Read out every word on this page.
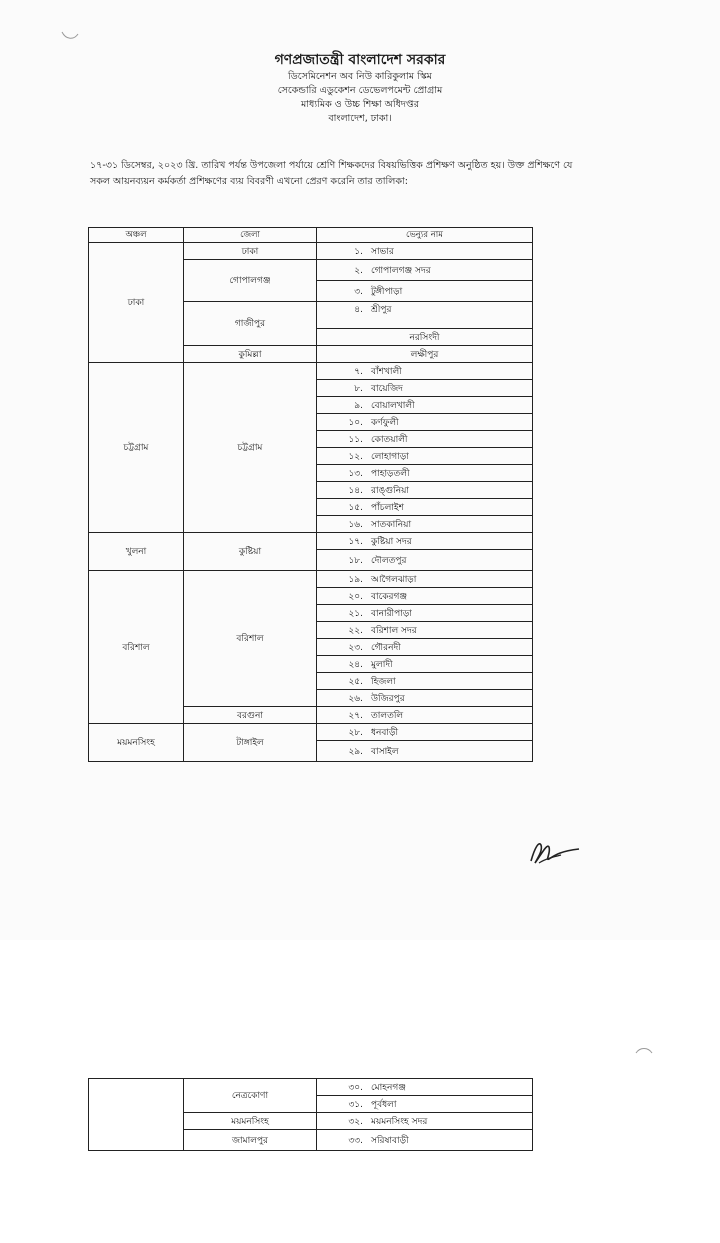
গণপ্রজাতন্ত্রী বাংলাদেশ সরকার
ডিসেমিনেশন অব নিউ কারিকুলাম স্কিম
সেকেন্ডারি এডুকেশন ডেভেলপমেন্ট প্রোগ্রাম
মাধ্যমিক ও উচ্চ শিক্ষা অধিদপ্তর
বাংলাদেশ, ঢাকা।
১৭-৩১ ডিসেম্বর, ২০২৩ খ্রি. তারিখ পর্যন্ত উপজেলা পর্যায়ে শ্রেণি শিক্ষকদের বিষয়ভিত্তিক প্রশিক্ষণ অনুষ্ঠিত হয়। উক্ত প্রশিক্ষণে যে
সকল আয়নব্যয়ন কর্মকর্তা প্রশিক্ষণের ব্যয় বিবরণী এখনো প্রেরণ করেনি তার তালিকা:
অঞ্চল	জেলা	ভেন্যুর নাম	
ঢাকা	ঢাকা	১. সাভার	
	গোপালগঞ্জ	২. গোপালগঞ্জ সদর	
		৩. টুঙ্গীপাড়া	
	গাজীপুর	৪. শ্রীপুর	
		নরসিংদী	
	কুমিল্লা	লক্ষীপুর	
চট্টগ্রাম	চট্টগ্রাম	৭. বাঁশখালী	
		৮. বায়েজিদ	
		৯. বোয়ালখালী	
		১০. কর্ণফুলী	
		১১. কোতয়ালী	
		১২. লোহাগাড়া	
		১৩. পাহাড়তলী	
		১৪. রাঙ্গুনিয়া	
		১৫. পাঁচলাইশ	
		১৬. সাতকানিয়া	
খুলনা	কুষ্টিয়া	১৭. কুষ্টিয়া সদর	
		১৮. দৌলতপুর	
বরিশাল	বরিশাল	১৯. আগৈলঝাড়া	
		২০. বাকেরগঞ্জ	
		২১. বানারীপাড়া	
		২২. বরিশাল সদর	
		২৩. গৌরনদী	
		২৪. মুলাদী	
		২৫. হিজলা	
		২৬. উজিরপুর	
	বরগুনা	২৭. তালতলি	
ময়মনসিংহ	টাঙ্গাইল	২৮. ধনবাড়ী	
		২৯. বাসাইল	
	নেত্রকোণা	৩০. মোহনগঞ্জ
		৩১. পূর্বধলা
	ময়মনসিংহ	৩২. ময়মনসিংহ সদর
	জামালপুর	৩৩. সরিষাবাড়ী
